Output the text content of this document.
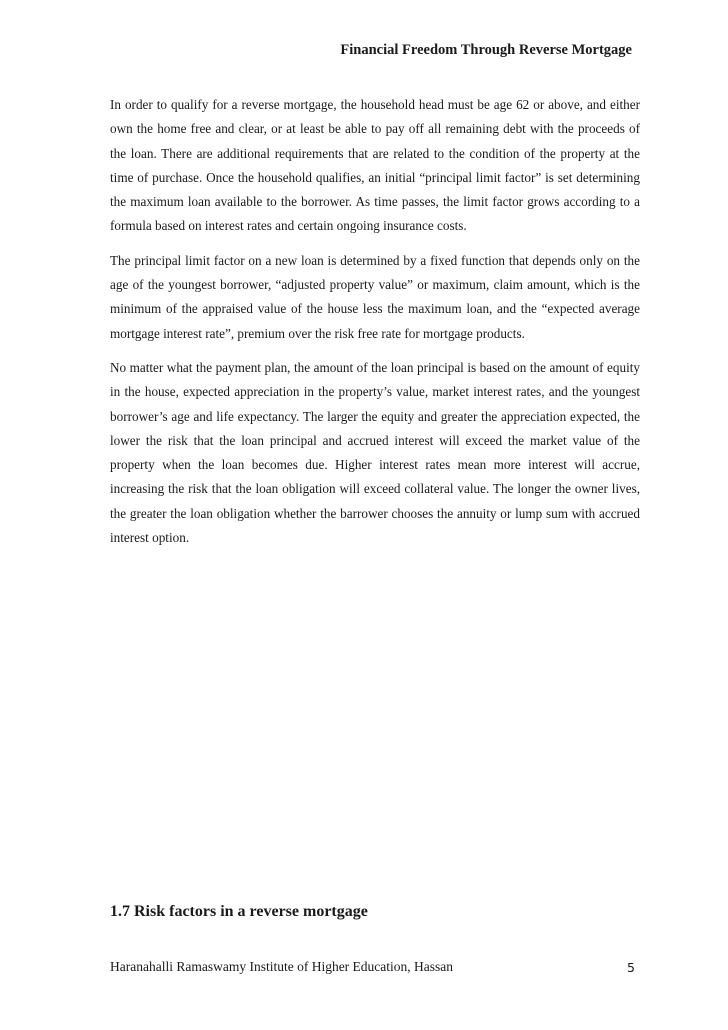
Financial Freedom Through Reverse Mortgage

In order to qualify for a reverse mortgage, the household head must be age 62 or above, and either own the home free and clear, or at least be able to pay off all remaining debt with the proceeds of the loan. There are additional requirements that are related to the condition of the property at the time of purchase. Once the household qualifies, an initial “principal limit factor” is set determining the maximum loan available to the borrower. As time passes, the limit factor grows according to a formula based on interest rates and certain ongoing insurance costs.

The principal limit factor on a new loan is determined by a fixed function that depends only on the age of the youngest borrower, “adjusted property value” or maximum, claim amount, which is the minimum of the appraised value of the house less the maximum loan, and the “expected average mortgage interest rate”, premium over the risk free rate for mortgage products.

No matter what the payment plan, the amount of the loan principal is based on the amount of equity in the house, expected appreciation in the property’s value, market interest rates, and the youngest borrower’s age and life expectancy. The larger the equity and greater the appreciation expected, the lower the risk that the loan principal and accrued interest will exceed the market value of the property when the loan becomes due. Higher interest rates mean more interest will accrue, increasing the risk that the loan obligation will exceed collateral value. The longer the owner lives, the greater the loan obligation whether the barrower chooses the annuity or lump sum with accrued interest option.

1.7 Risk factors in a reverse mortgage
Haranahalli Ramaswamy Institute of Higher Education, Hassan	5
